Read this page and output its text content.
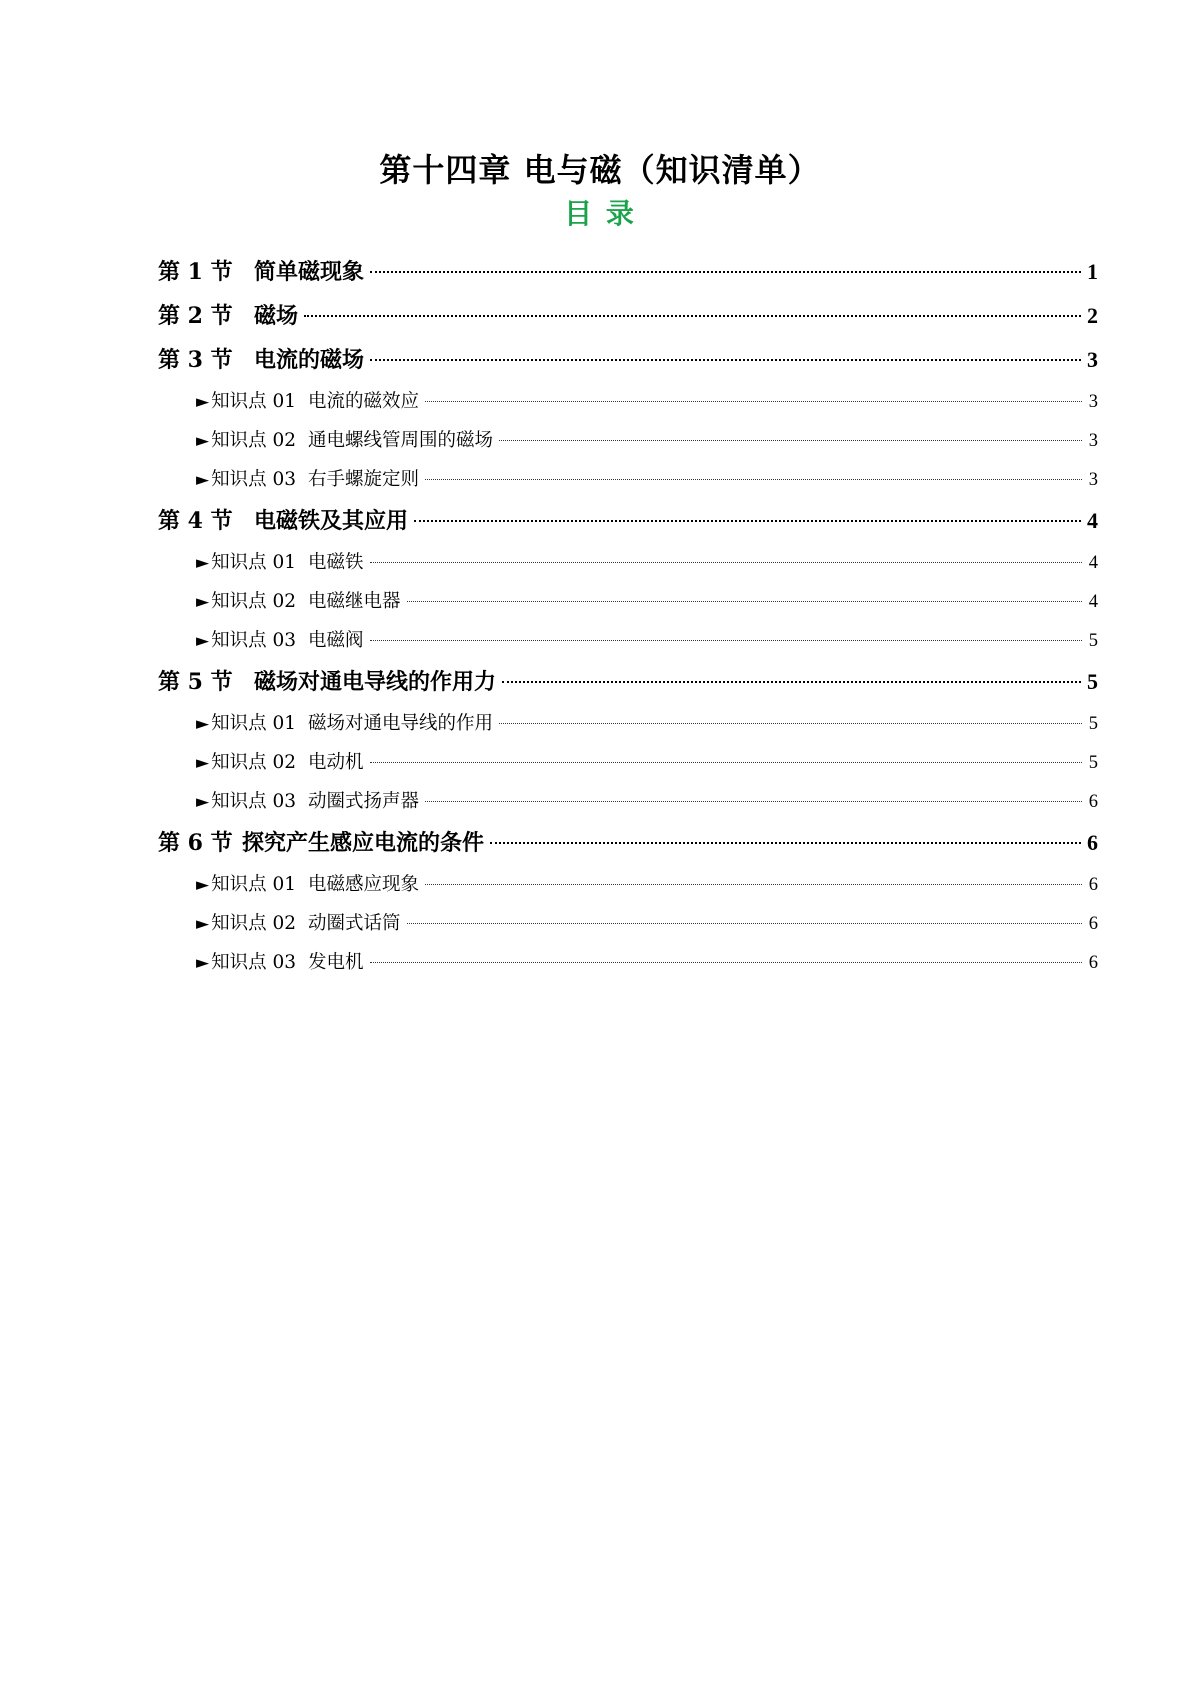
第十四章 电与磁（知识清单）
目 录
第 1 节 简单磁现象	1
第 2 节 磁场	2
第 3 节 电流的磁场	3
► 知识点 01 电流的磁效应	3
► 知识点 02 通电螺线管周围的磁场	3
► 知识点 03 右手螺旋定则	3
第 4 节 电磁铁及其应用	4
► 知识点 01 电磁铁	4
► 知识点 02 电磁继电器	4
► 知识点 03 电磁阀	5
第 5 节 磁场对通电导线的作用力	5
► 知识点 01 磁场对通电导线的作用	5
► 知识点 02 电动机	5
► 知识点 03 动圈式扬声器	6
第 6 节 探究产生感应电流的条件	6
► 知识点 01 电磁感应现象	6
► 知识点 02 动圈式话筒	6
► 知识点 03 发电机	6
